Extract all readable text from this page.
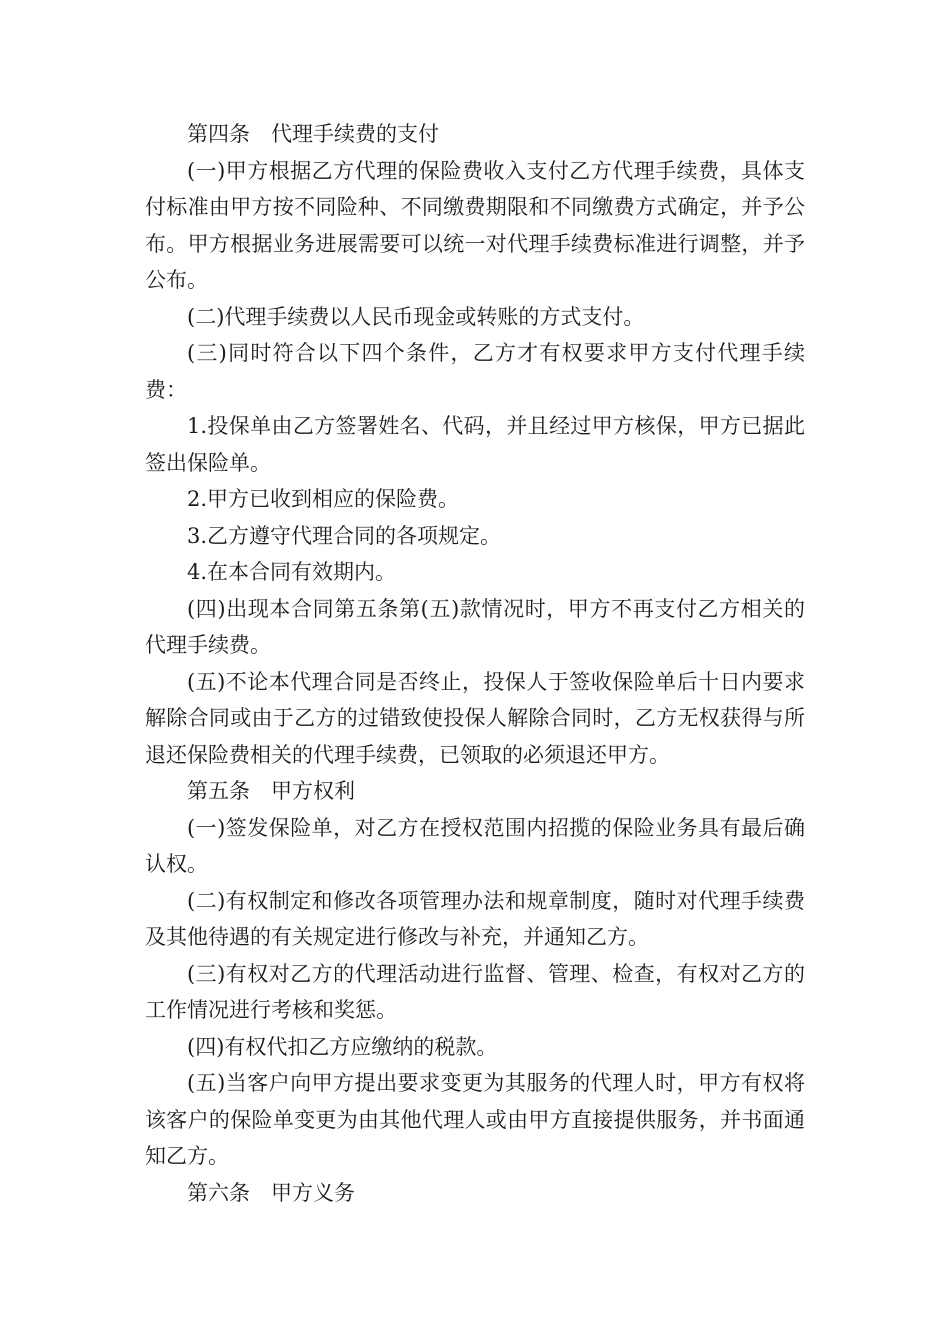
第四条　代理手续费的支付

(一)甲方根据乙方代理的保险费收入支付乙方代理手续费，具体支付标准由甲方按不同险种、不同缴费期限和不同缴费方式确定，并予公布。甲方根据业务进展需要可以统一对代理手续费标准进行调整，并予公布。

(二)代理手续费以人民币现金或转账的方式支付。

(三)同时符合以下四个条件，乙方才有权要求甲方支付代理手续费：

1.投保单由乙方签署姓名、代码，并且经过甲方核保，甲方已据此签出保险单。

2.甲方已收到相应的保险费。

3.乙方遵守代理合同的各项规定。

4.在本合同有效期内。

(四)出现本合同第五条第(五)款情况时，甲方不再支付乙方相关的代理手续费。

(五)不论本代理合同是否终止，投保人于签收保险单后十日内要求解除合同或由于乙方的过错致使投保人解除合同时，乙方无权获得与所退还保险费相关的代理手续费，已领取的必须退还甲方。

第五条　甲方权利

(一)签发保险单，对乙方在授权范围内招揽的保险业务具有最后确认权。

(二)有权制定和修改各项管理办法和规章制度，随时对代理手续费及其他待遇的有关规定进行修改与补充，并通知乙方。

(三)有权对乙方的代理活动进行监督、管理、检查，有权对乙方的工作情况进行考核和奖惩。

(四)有权代扣乙方应缴纳的税款。

(五)当客户向甲方提出要求变更为其服务的代理人时，甲方有权将该客户的保险单变更为由其他代理人或由甲方直接提供服务，并书面通知乙方。

第六条　甲方义务
